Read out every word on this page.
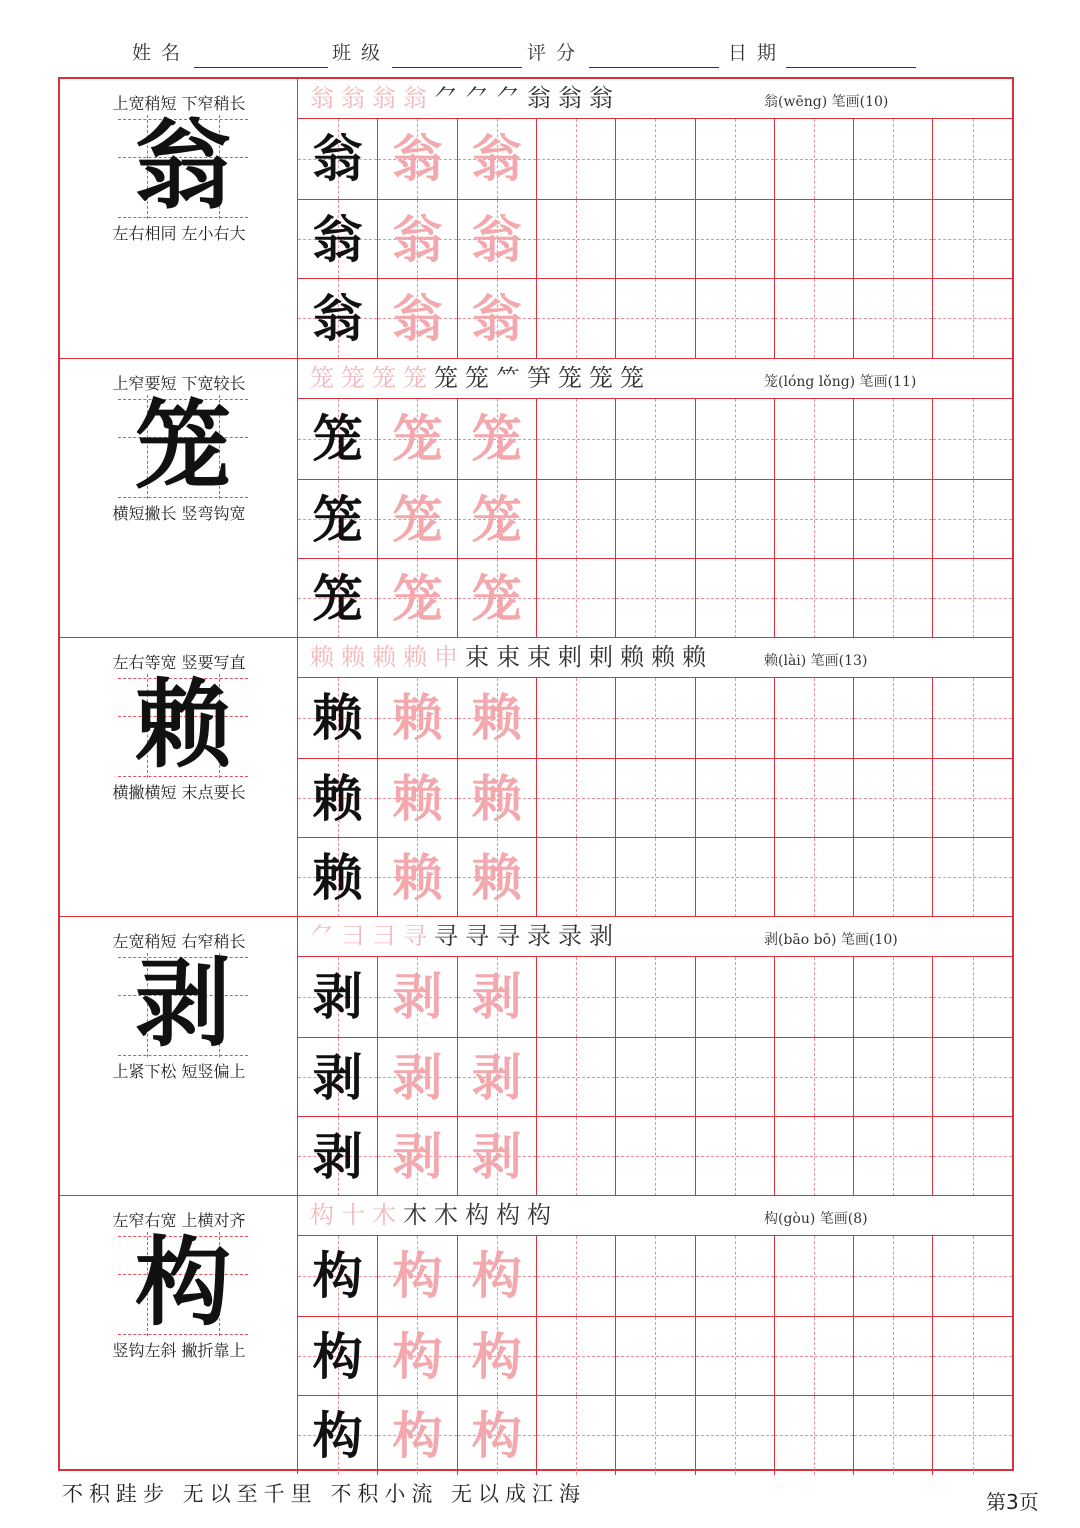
姓名	班级	评分	日期
上宽稍短 下窄稍长
翁
左右相同 左小右大
翁 翁 翁 翁 ⺈ ⺈ ⺈ 翁 翁 翁	翁(wēng) 笔画(10)
翁 翁 翁
翁 翁 翁
翁 翁 翁
上窄要短 下宽较长
笼
横短撇长 竖弯钩宽
笼 笼 笼 笼 笼 笼 ⺮ 笋 笼 笼 笼	笼(lóng lǒng) 笔画(11)
笼 笼 笼
笼 笼 笼
笼 笼 笼
左右等宽 竖要写直
赖
横撇横短 末点要长
赖 赖 赖 赖 申 束 束 束 剌 剌 赖 赖 赖	赖(lài) 笔画(13)
赖 赖 赖
赖 赖 赖
赖 赖 赖
左宽稍短 右窄稍长
剥
上紧下松 短竖偏上
⺈ ⺕ 彐 寻 寻 寻 寻 录 录 剥	剥(bāo bō) 笔画(10)
剥 剥 剥
剥 剥 剥
剥 剥 剥
左窄右宽 上横对齐
构
竖钩左斜 撇折靠上
构 十 木 木 木 构 构 构	构(gòu) 笔画(8)
构 构 构
构 构 构
构 构 构
不积跬步 无以至千里 不积小流 无以成江海	第3页
